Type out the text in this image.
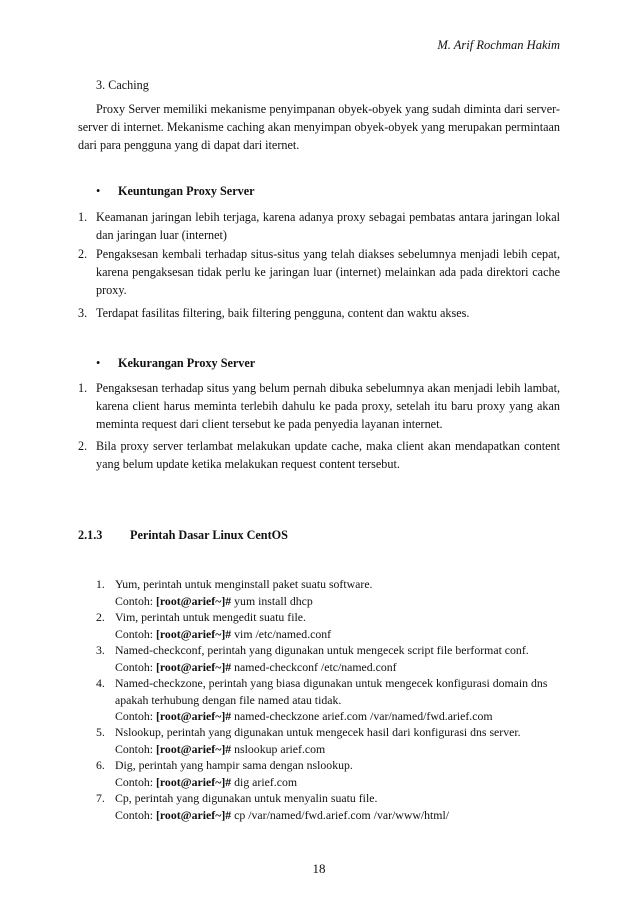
M. Arif Rochman Hakim
3. Caching

Proxy Server memiliki mekanisme penyimpanan obyek-obyek yang sudah diminta dari server-server di internet. Mekanisme caching akan menyimpan obyek-obyek yang merupakan permintaan dari para pengguna yang di dapat dari iternet.

• Keuntungan Proxy Server
1. Keamanan jaringan lebih terjaga, karena adanya proxy sebagai pembatas antara jaringan lokal dan jaringan luar (internet)
2. Pengaksesan kembali terhadap situs-situs yang telah diakses sebelumnya menjadi lebih cepat, karena pengaksesan tidak perlu ke jaringan luar (internet) melainkan ada pada direktori cache proxy.
3. Terdapat fasilitas filtering, baik filtering pengguna, content dan waktu akses.
• Kekurangan Proxy Server
1. Pengaksesan terhadap situs yang belum pernah dibuka sebelumnya akan menjadi lebih lambat, karena client harus meminta terlebih dahulu ke pada proxy, setelah itu baru proxy yang akan meminta request dari client tersebut ke pada penyedia layanan internet.
2. Bila proxy server terlambat melakukan update cache, maka client akan mendapatkan content yang belum update ketika melakukan request content tersebut.
2.1.3 Perintah Dasar Linux CentOS
1. Yum, perintah untuk menginstall paket suatu software.
Contoh: [root@arief~]# yum install dhcp
2. Vim, perintah untuk mengedit suatu file.
Contoh: [root@arief~]# vim /etc/named.conf
3. Named-checkconf, perintah yang digunakan untuk mengecek script file berformat conf.
Contoh: [root@arief~]# named-checkconf /etc/named.conf
4. Named-checkzone, perintah yang biasa digunakan untuk mengecek konfigurasi domain dns apakah terhubung dengan file named atau tidak.
Contoh: [root@arief~]# named-checkzone arief.com /var/named/fwd.arief.com
5. Nslookup, perintah yang digunakan untuk mengecek hasil dari konfigurasi dns server.
Contoh: [root@arief~]# nslookup arief.com
6. Dig, perintah yang hampir sama dengan nslookup.
Contoh: [root@arief~]# dig arief.com
7. Cp, perintah yang digunakan untuk menyalin suatu file.
Contoh: [root@arief~]# cp /var/named/fwd.arief.com /var/www/html/
18
